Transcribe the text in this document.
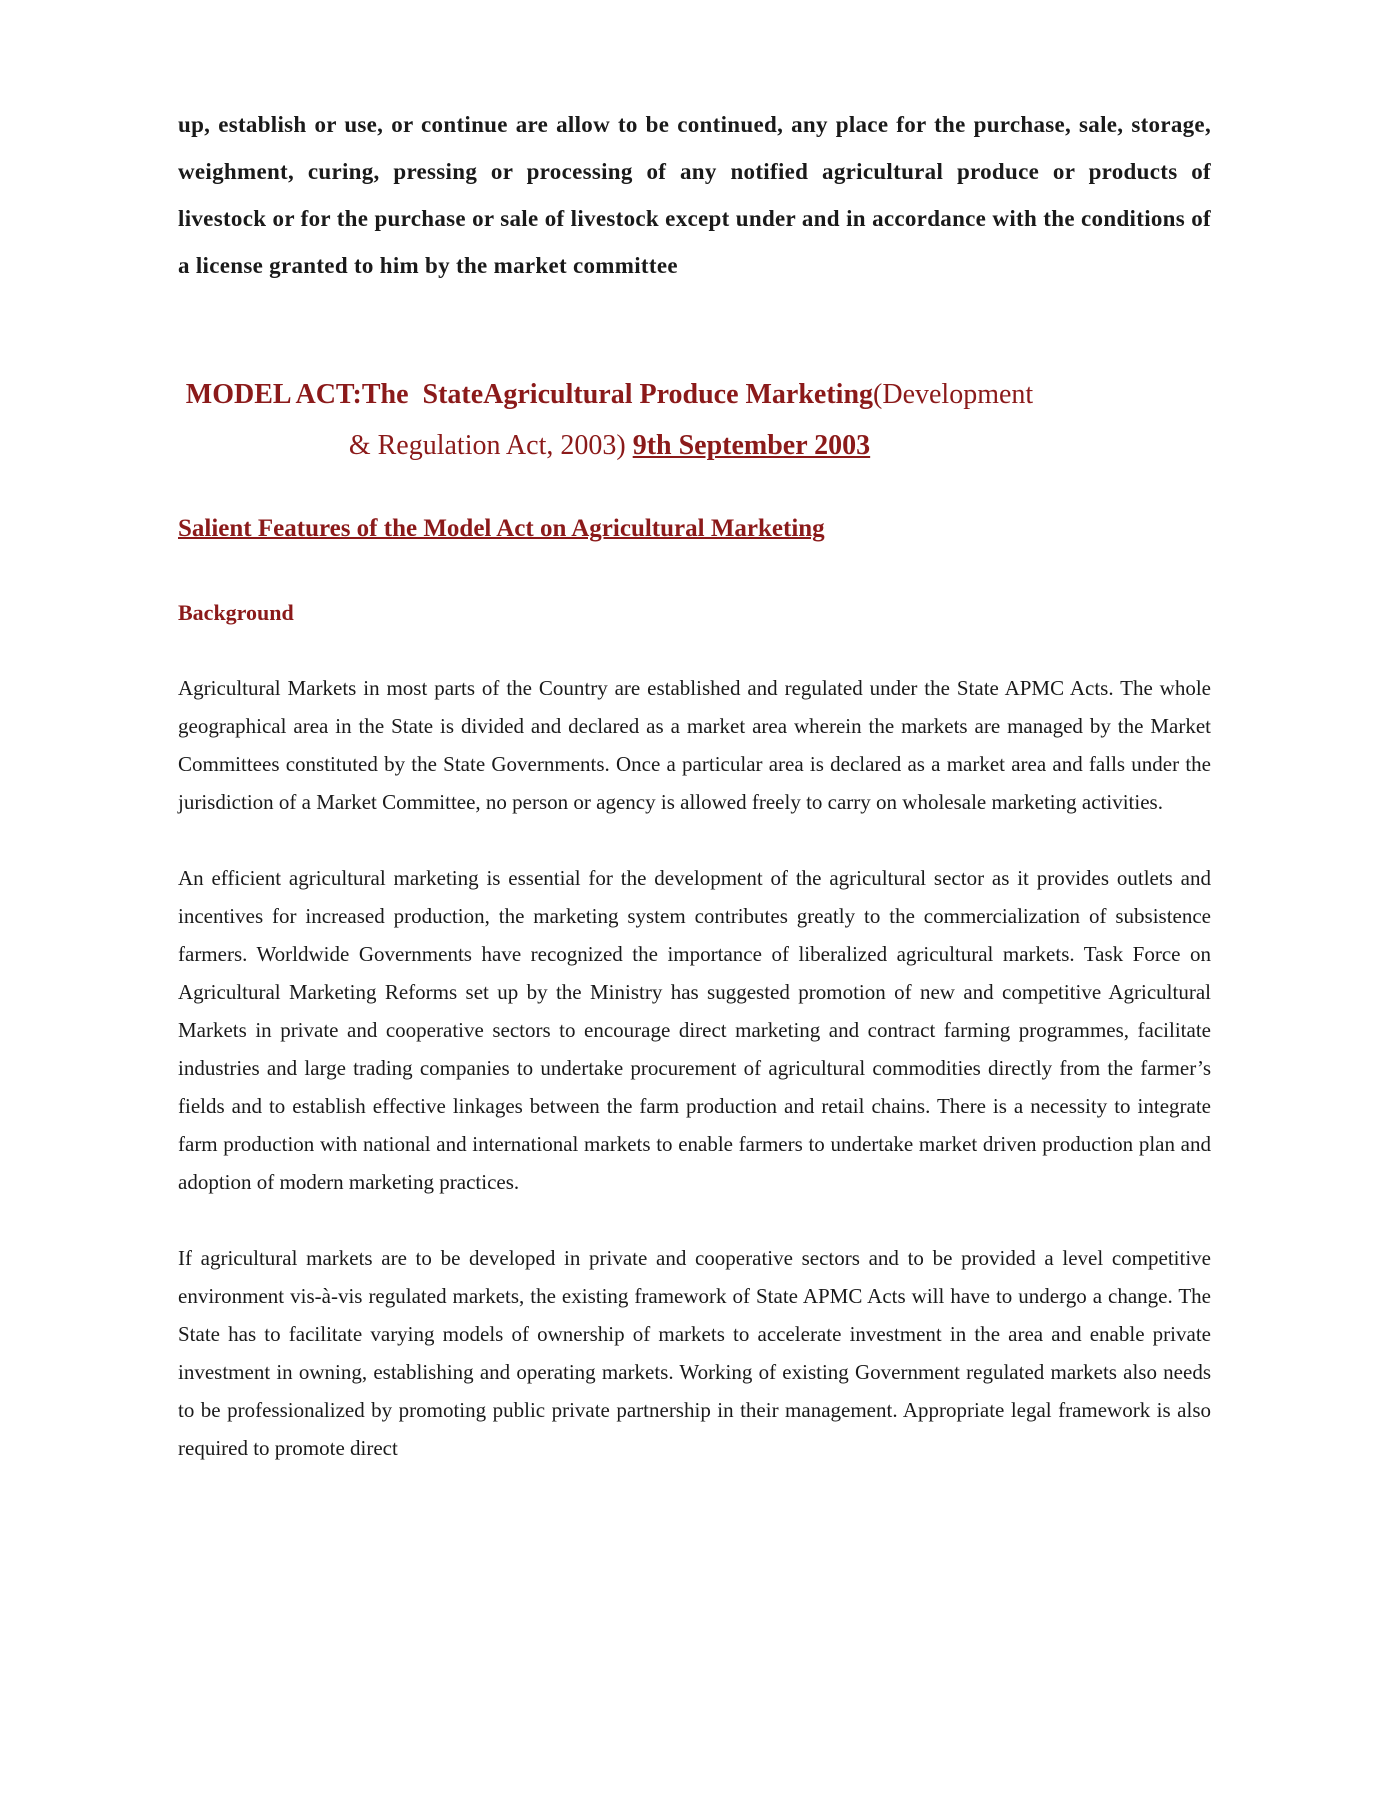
up, establish or use, or continue are allow to be continued, any place for the purchase, sale, storage, weighment, curing, pressing or processing of any notified agricultural produce or products of livestock or for the purchase or sale of livestock except under and in accordance with the conditions of a license granted to him by the market committee

MODEL ACT:The  StateAgricultural Produce Marketing(Development
& Regulation Act, 2003) 9th September 2003
Salient Features of the Model Act on Agricultural Marketing
Background

Agricultural Markets in most parts of the Country are established and regulated under the State APMC Acts. The whole geographical area in the State is divided and declared as a market area wherein the markets are managed by the Market Committees constituted by the State Governments. Once a particular area is declared as a market area and falls under the jurisdiction of a Market Committee, no person or agency is allowed freely to carry on wholesale marketing activities.

An efficient agricultural marketing is essential for the development of the agricultural sector as it provides outlets and incentives for increased production, the marketing system contributes greatly to the commercialization of subsistence farmers. Worldwide Governments have recognized the importance of liberalized agricultural markets. Task Force on Agricultural Marketing Reforms set up by the Ministry has suggested promotion of new and competitive Agricultural Markets in private and cooperative sectors to encourage direct marketing and contract farming programmes, facilitate industries and large trading companies to undertake procurement of agricultural commodities directly from the farmer’s fields and to establish effective linkages between the farm production and retail chains. There is a necessity to integrate farm production with national and international markets to enable farmers to undertake market driven production plan and adoption of modern marketing practices.

If agricultural markets are to be developed in private and cooperative sectors and to be provided a level competitive environment vis-à-vis regulated markets, the existing framework of State APMC Acts will have to undergo a change. The State has to facilitate varying models of ownership of markets to accelerate investment in the area and enable private investment in owning, establishing and operating markets. Working of existing Government regulated markets also needs to be professionalized by promoting public private partnership in their management. Appropriate legal framework is also required to promote direct
